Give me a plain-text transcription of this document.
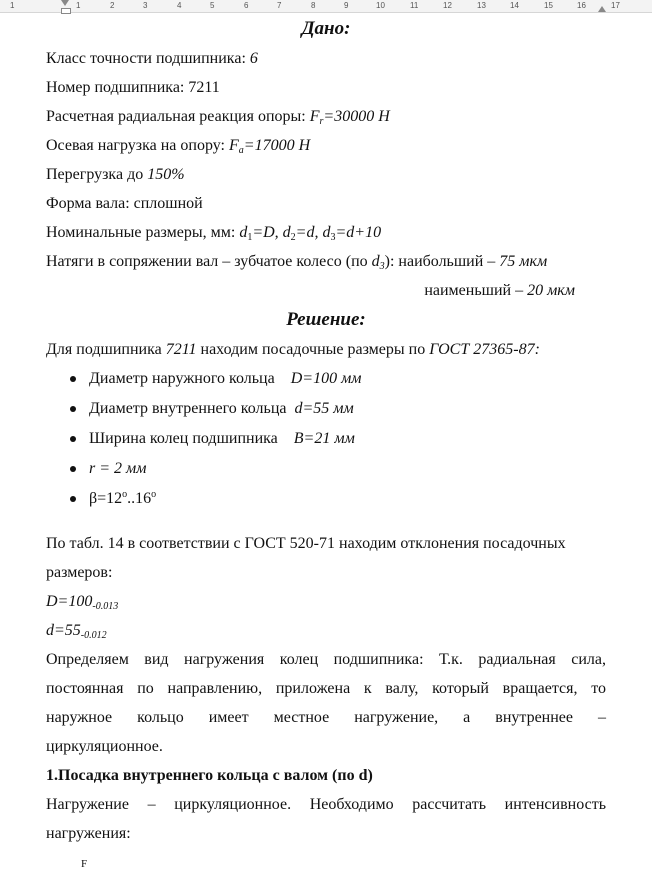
1	1	2	3	4	5	6	7	8	9	10	11	12	13	14	15	16	17

Дано:

Класс точности подшипника: 6

Номер подшипника: 7211

Расчетная радиальная реакция опоры: $F_r=30000$ Н

Осевая нагрузка на опору: $F_a=17000$ Н

Перегрузка до 150%

Форма вала: сплошной

Номинальные размеры, мм: $d_1=D$, $d_2=d$, $d_3=d+10$

Натяги в сопряжении вал – зубчатое колесо (по $d_3$): наибольший – 75 мкм

наименьший – 20 мкм

Решение:

Для подшипника 7211 находим посадочные размеры по ГОСТ 27365-87:

Диаметр наружного кольца D=100 мм
Диаметр внутреннего кольца d=55 мм
Ширина колец подшипника B=21 мм
r = 2 мм
$\beta=12^o..16^o$

По табл. 14 в соответствии с ГОСТ 520-71 находим отклонения посадочных

размеров:

$D=100_{-0.013}$

$d=55_{-0.012}$

Определяем вид нагружения колец подшипника: Т.к. радиальная сила,

постоянная по направлению, приложена к валу, который вращается, то

наружное кольцо имеет местное нагружение, а внутреннее –

циркуляционное.

1.Посадка внутреннего кольца с валом (по d)

Нагружение – циркуляционное. Необходимо рассчитать интенсивность

нагружения:

F
